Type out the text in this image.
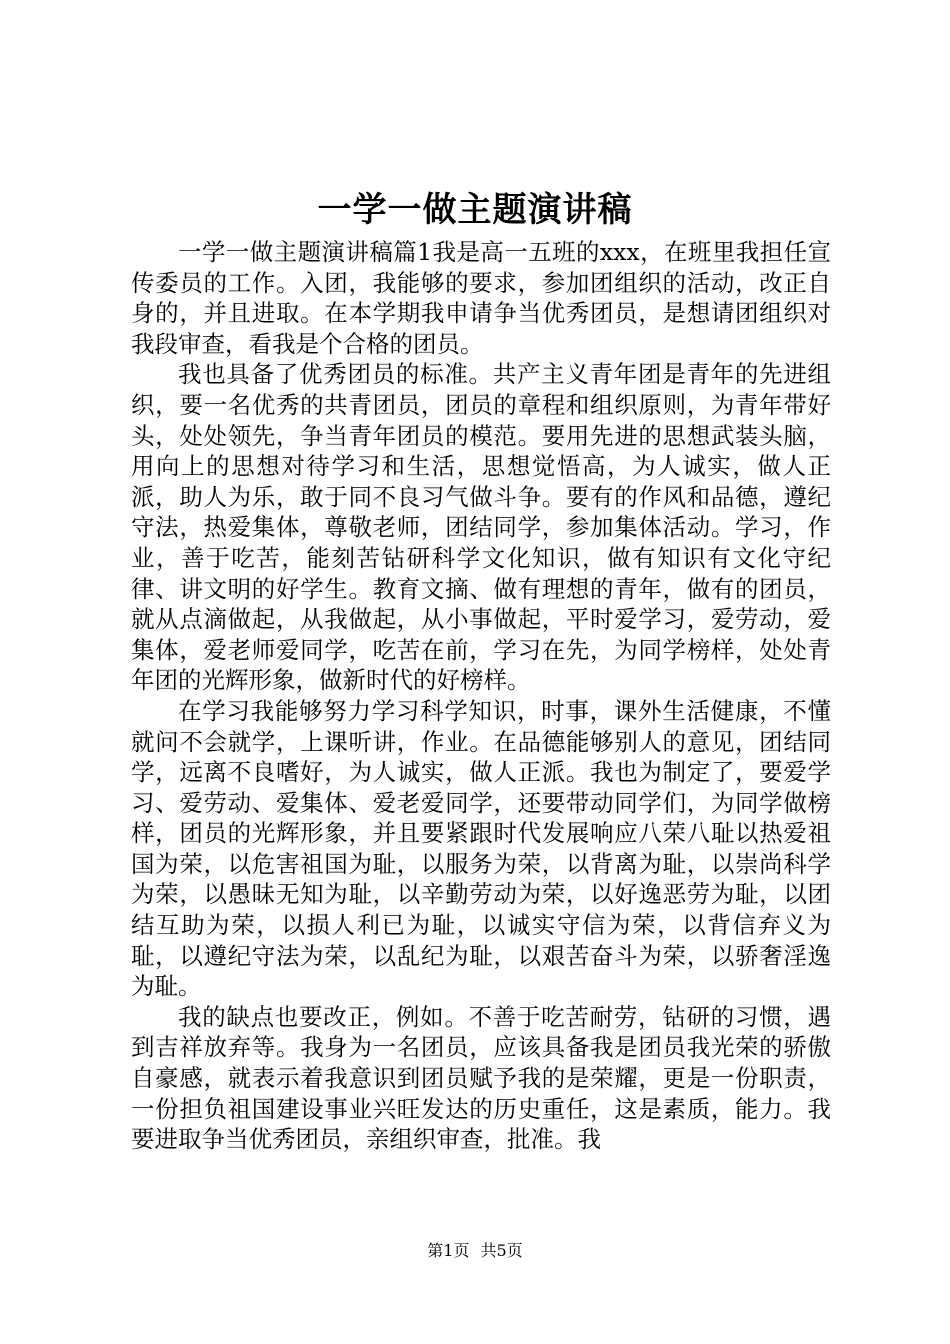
一学一做主题演讲稿

一学一做主题演讲稿篇1我是高一五班的xxx，在班里我担任宣传委员的工作。入团，我能够的要求，参加团组织的活动，改正自身的，并且进取。在本学期我申请争当优秀团员，是想请团组织对我段审查，看我是个合格的团员。

我也具备了优秀团员的标准。共产主义青年团是青年的先进组织，要一名优秀的共青团员，团员的章程和组织原则，为青年带好头，处处领先，争当青年团员的模范。要用先进的思想武装头脑，用向上的思想对待学习和生活，思想觉悟高，为人诚实，做人正派，助人为乐，敢于同不良习气做斗争。要有的作风和品德，遵纪守法，热爱集体，尊敬老师，团结同学，参加集体活动。学习，作业，善于吃苦，能刻苦钻研科学文化知识，做有知识有文化守纪律、讲文明的好学生。教育文摘、做有理想的青年，做有的团员，就从点滴做起，从我做起，从小事做起，平时爱学习，爱劳动，爱集体，爱老师爱同学，吃苦在前，学习在先，为同学榜样，处处青年团的光辉形象，做新时代的好榜样。

在学习我能够努力学习科学知识，时事，课外生活健康，不懂就问不会就学，上课听讲，作业。在品德能够别人的意见，团结同学，远离不良嗜好，为人诚实，做人正派。我也为制定了，要爱学习、爱劳动、爱集体、爱老爱同学，还要带动同学们，为同学做榜样，团员的光辉形象，并且要紧跟时代发展响应八荣八耻以热爱祖国为荣，以危害祖国为耻，以服务为荣，以背离为耻，以崇尚科学为荣，以愚昧无知为耻，以辛勤劳动为荣，以好逸恶劳为耻，以团结互助为荣，以损人利已为耻，以诚实守信为荣，以背信弃义为耻，以遵纪守法为荣，以乱纪为耻，以艰苦奋斗为荣，以骄奢淫逸为耻。

我的缺点也要改正，例如。不善于吃苦耐劳，钻研的习惯，遇到吉祥放弃等。我身为一名团员，应该具备我是团员我光荣的骄傲自豪感，就表示着我意识到团员赋予我的是荣耀，更是一份职责，一份担负祖国建设事业兴旺发达的历史重任，这是素质，能力。我要进取争当优秀团员，亲组织审查，批准。我

第1页 共5页
